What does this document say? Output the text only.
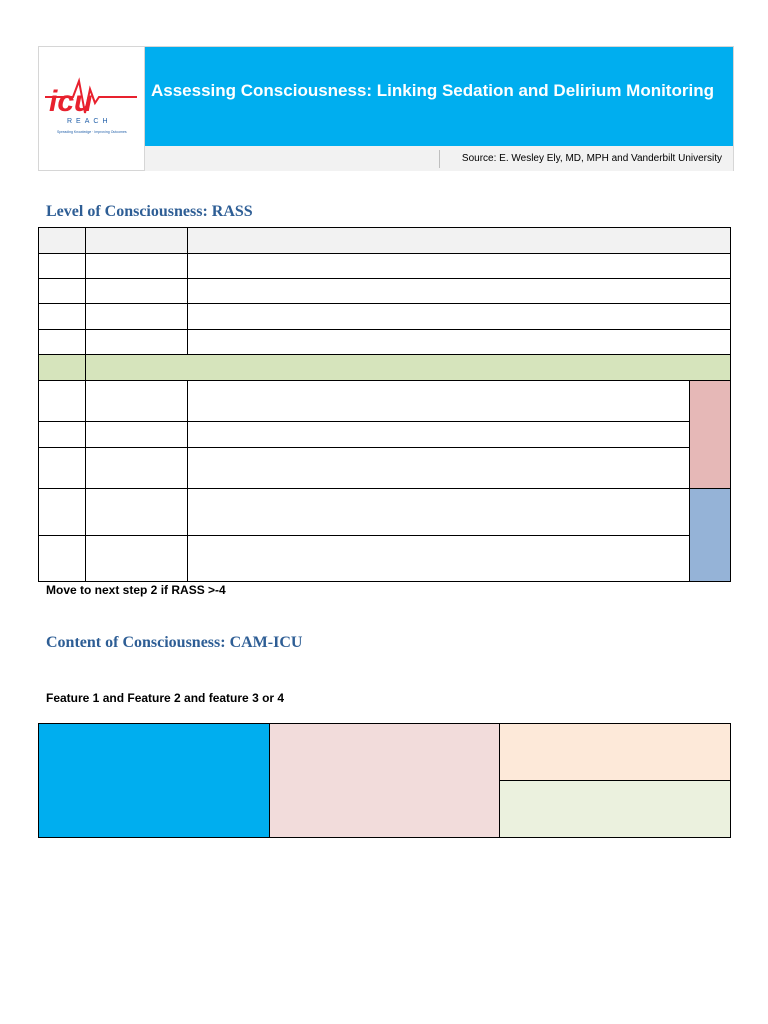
icu
REACH
Spreading Knowledge · Improving Outcomes
Assessing Consciousness: Linking Sedation and Delirium Monitoring
Source: E. Wesley Ely, MD, MPH and Vanderbilt University
Level of Consciousness: RASS

Move to next step 2 if RASS >-4
Content of Consciousness: CAM-ICU
Feature 1 and Feature 2 and feature 3 or 4
